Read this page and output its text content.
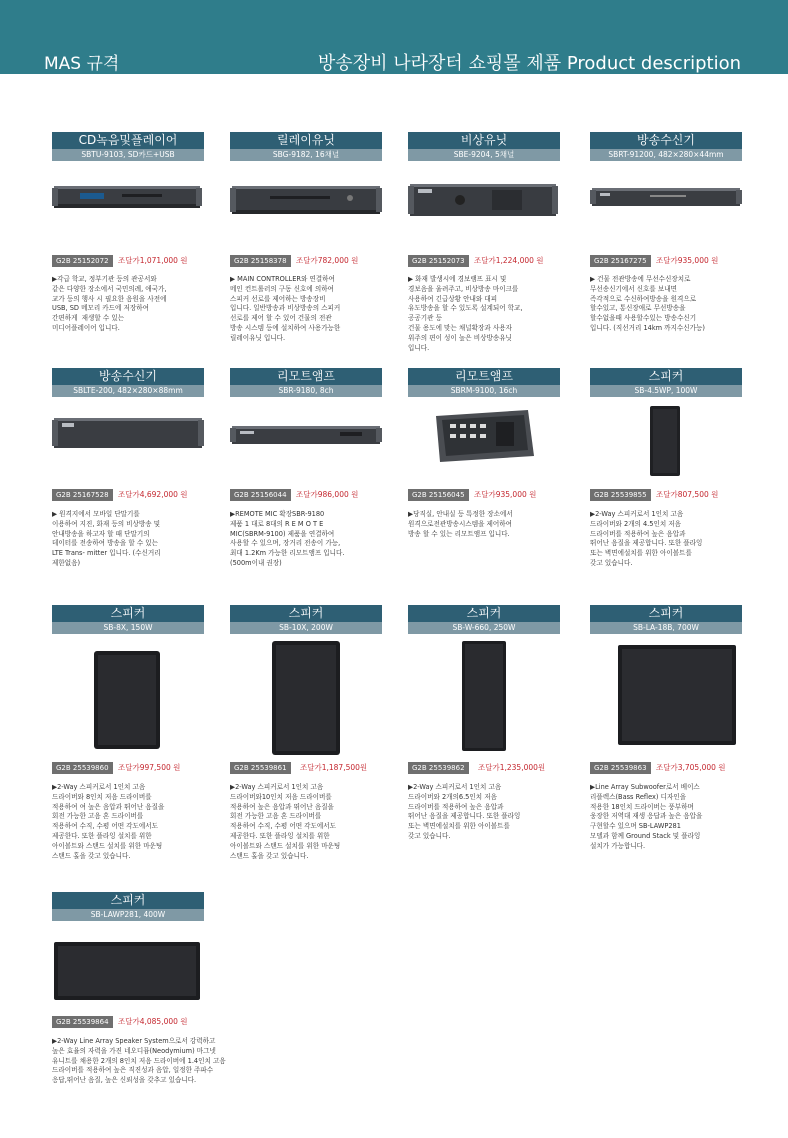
MAS 규격	방송장비 나라장터 쇼핑몰 제품 Product description
CD녹음및플레이어
SBTU-9103, SD카드+USB
G2B 25152072	조달가1,071,000 원
▶각급 학교, 정부기관 등의 관공서와
같은 다양한 장소에서 국민의례, 애국가,
교가 등의 행사 시 필요한 음원을 사전에
USB, SD 메모리 카드에 저장하여
간편하게  재생할 수 있는
미디어플레이어 입니다.
릴레이유닛
SBG-9182, 16채널
G2B 25158378	조달가782,000 원
▶ MAIN CONTROLLER와 연결하여
메인 컨트롤러의 구동 신호에 의하여
스피커 선로를 제어하는 방송장비
입니다. 일반방송과 비상방송의 스피커
선로를 제어 할 수 있어 건물의 전관
방송 시스템 등에 설치하여 사용가능한
릴레이유닛 입니다.
비상유닛
SBE-9204, 5채널
G2B 25152073	조달가1,224,000 원
▶ 화재 발생시에 경보램프 표시 및
경보음을 울려주고, 비상방송 마이크를
사용하여 긴급상황 안내와 대피
유도방송을 할 수 있도록 설계되어 학교,
공공기관 등
건물 용도에 맞는 채널확장과 사용자
위주의 편이 성이 높은 비상방송유닛
입니다.
방송수신기
SBRT-91200, 482×280×44mm
G2B 25167275	조달가935,000 원
▶ 건물 전관방송에 무선수신장치로
무선송신기에서 신호를 보내면
즉각적으로 수신하여방송을 원격으로
할수있고, 통신장애로 무선방송을
할수없을때 사용할수있는 방송수신기
입니다. (직선거리 14km 까지수신가능)
방송수신기
SBLTE-200, 482×280×88mm
G2B 25167528	조달가4,692,000 원
▶ 원격지에서 모바일 단말기를
이용하여 지진, 화재 등의 비상방송 및
안내방송을 하고자 할 때 단말기의
데이터를 전송하여 방송을 할 수 있는
LTE Trans- mitter 입니다. (수신거리
제한없음)
리모트앰프
SBR-9180, 8ch
G2B 25156044	조달가986,000 원
▶REMOTE MIC 확장SBR-9180
제품 1 대로 8대의 R E M O T E
MIC(SBRM-9100) 제품을 연결하여
사용할 수 있으며, 장거리 전송이 가능,
최대 1.2Km 가능한 리모트앰프 입니다.
(500m이내 권장)
리모트앰프
SBRM-9100, 16ch
G2B 25156045	조달가935,000 원
▶당직실, 안내실 등 특정한 장소에서
원격으로전관방송시스템을 제어하여
방송 할 수 있는 리모트앰프 입니다.
스피커
SB-4.5WP, 100W
G2B 25539855	조달가807,500 원
▶2-Way 스피커로서 1인치 고음
드라이버와 2개의 4.5인치 저음
드라이버를 적용하여 높은 음압과
뛰어난 음질을 제공합니다. 또한 플라잉
또는 벽면에설치를 위한 아이볼트를
갖고 있습니다.
스피커
SB-8X, 150W
G2B 25539860	조달가997,500 원
▶2-Way 스피커로서 1인치 고음
드라이버와 8인치 저음 드라이버를
적용하여 여 높은 음압과 뛰어난 음질을
회전 가능한 고음 혼 드라이버를
적용하여 수직, 수평 어떤 각도에서도
제공한다. 또한 플라잉 설치를 위한
아이볼트와 스탠드 설치를 위한 마운팅
스탠드 홀을 갖고 있습니다.
스피커
SB-10X, 200W
G2B 25539861	조달가1,187,500원
▶2-Way 스피커로서 1인치 고음
드라이버와10인치 저음 드라이버를
적용하여 높은 음압과 뛰어난 음질을
회전 가능한 고음 혼 드라이버를
적용하여 수직, 수평 어떤 각도에서도
제공한다. 또한 플라잉 설치를 위한
아이볼트와 스탠드 설치를 위한 마운팅
스탠드 홀을 갖고 있습니다.
스피커
SB-W-660, 250W
G2B 25539862	조달가1,235,000원
▶2-Way 스피커로서 1인치 고음
드라이버와 2개의6.5인치 저음
드라이버를 적용하여 높은 음압과
뛰어난 음질을 제공합니다. 또한 플라잉
또는 벽면에설치를 위한 아이볼트를
갖고 있습니다.
스피커
SB-LA-18B, 700W
G2B 25539863	조달가3,705,000 원
▶Line Array Subwoofer로서 베이스
리플렉스(Bass Reflex) 디자인을
적용한 18인치 드라이버는 풍부하며
웅장한 저역대 재생 응답과 높은 음압을
구현할수 있으며 SB-LAWP281
모델과 함께 Ground Stack 및 플라잉
설치가 가능합니다.
스피커
SB-LAWP281, 400W
G2B 25539864	조달가4,085,000 원
▶2-Way Line Array Speaker System으로서 강력하고
높은 효율의 자력을 가진 네오디뮴(Neodymium) 마그넷
유니트를 채용한 2개의 8인치 저음 드라이버에 1.4인치 고음
드라이버를 적용하여 높은 직진성과 음압, 일정한 주파수
응답,뛰어난 음질, 높은 신뢰성을 갖추고 있습니다.
